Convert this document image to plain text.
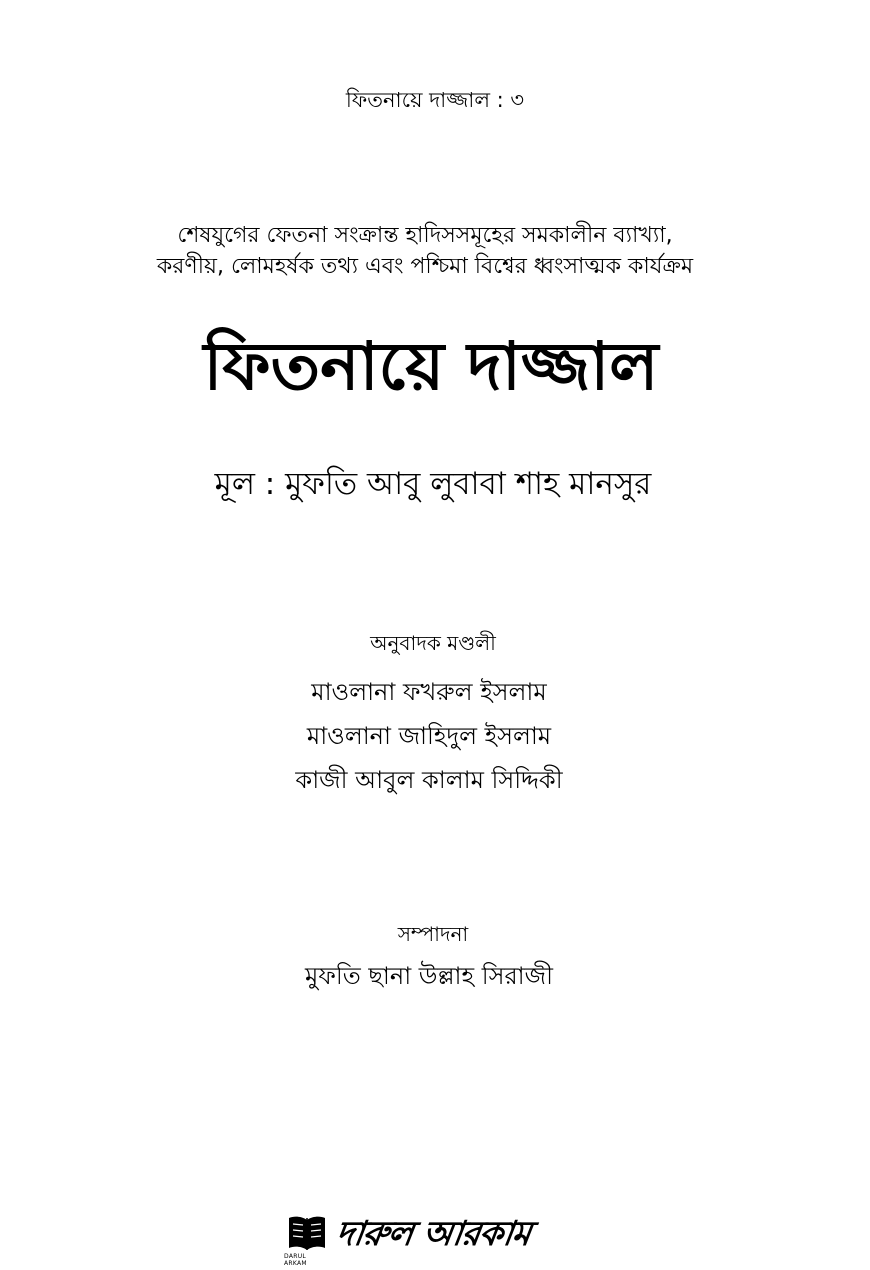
ফিতনায়ে দাজ্জাল : ৩
শেষযুগের ফেতনা সংক্রান্ত হাদিসসমূহের সমকালীন ব্যাখ্যা,
করণীয়, লোমহর্ষক তথ্য এবং পশ্চিমা বিশ্বের ধ্বংসাত্মক কার্যক্রম
ফিতনায়ে দাজ্জাল
মূল : মুফতি আবু লুবাবা শাহ মানসুর
অনুবাদক মণ্ডলী
মাওলানা ফখরুল ইসলাম
মাওলানা জাহিদুল ইসলাম
কাজী আবুল কালাম সিদ্দিকী
সম্পাদনা
মুফতি ছানা উল্লাহ সিরাজী
DARUL ARKAM
দারুল আরকাম
